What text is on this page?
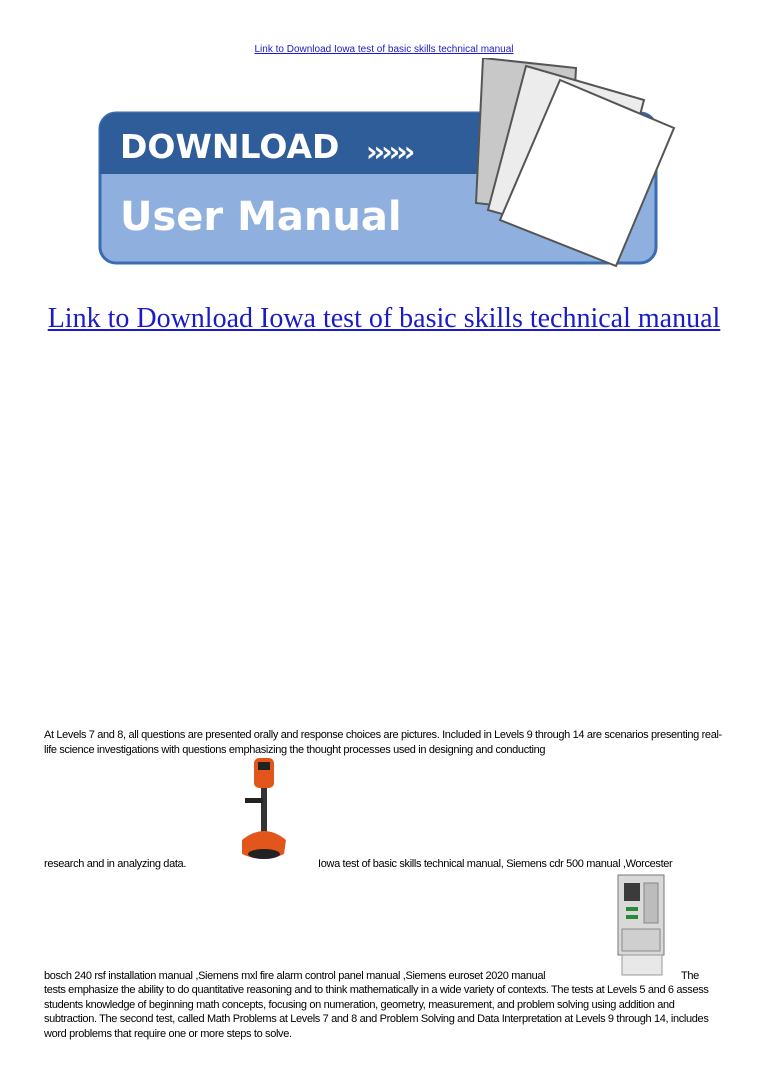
Link to Download Iowa test of basic skills technical manual
DOWNLOAD ››››››
User Manual
Link to Download Iowa test of basic skills technical manual
At Levels 7 and 8, all questions are presented orally and response choices are pictures. Included in Levels 9 through 14 are scenarios presenting real-life science investigations with questions emphasizing the thought processes used in designing and conducting
research and in analyzing data.	Iowa test of basic skills technical manual, Siemens cdr 500 manual ,Worcester
bosch 240 rsf installation manual ,Siemens mxl fire alarm control panel manual ,Siemens euroset 2020 manual	The
tests emphasize the ability to do quantitative reasoning and to think mathematically in a wide variety of contexts. The tests at Levels 5 and 6 assess students knowledge of beginning math concepts, focusing on numeration, geometry, measurement, and problem solving using addition and subtraction. The second test, called Math Problems at Levels 7 and 8 and Problem Solving and Data Interpretation at Levels 9 through 14, includes word problems that require one or more steps to solve.
